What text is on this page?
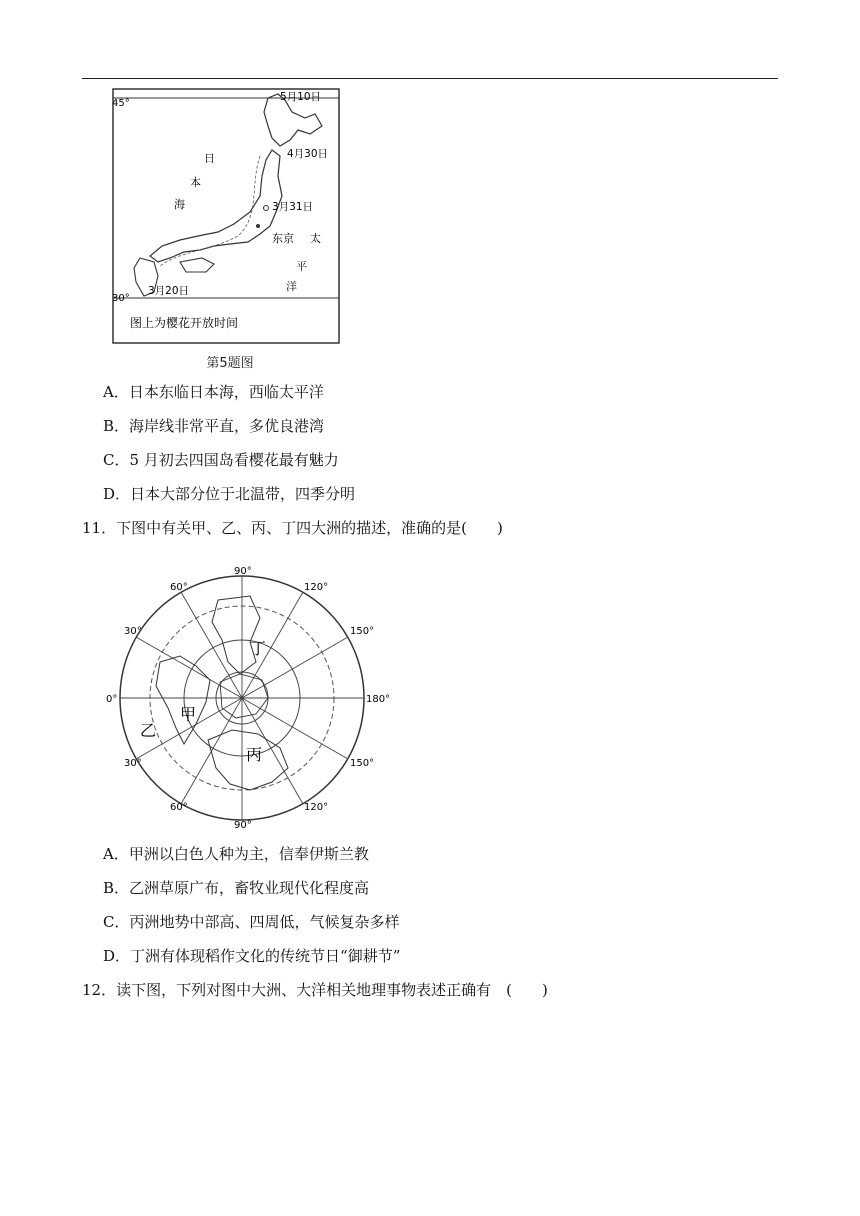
45°
30°
5月10日
4月30日
3月31日
3月20日
日
本
海
太
平
洋
东京
图上为樱花开放时间
第5题图
A．日本东临日本海，西临太平洋
B．海岸线非常平直，多优良港湾
C．5 月初去四国岛看樱花最有魅力
D．日本大部分位于北温带，四季分明
11．下图中有关甲、乙、丙、丁四大洲的描述，准确的是(　　)
90°
60°	120°
30°	150°
0°	180°
30°	150°
60°	120°
90°
甲
乙
丙
丁
A．甲洲以白色人种为主，信奉伊斯兰教
B．乙洲草原广布，畜牧业现代化程度高
C．丙洲地势中部高、四周低，气候复杂多样
D．丁洲有体现稻作文化的传统节日“御耕节”
12．读下图，下列对图中大洲、大洋相关地理事物表述正确有　(　　)
